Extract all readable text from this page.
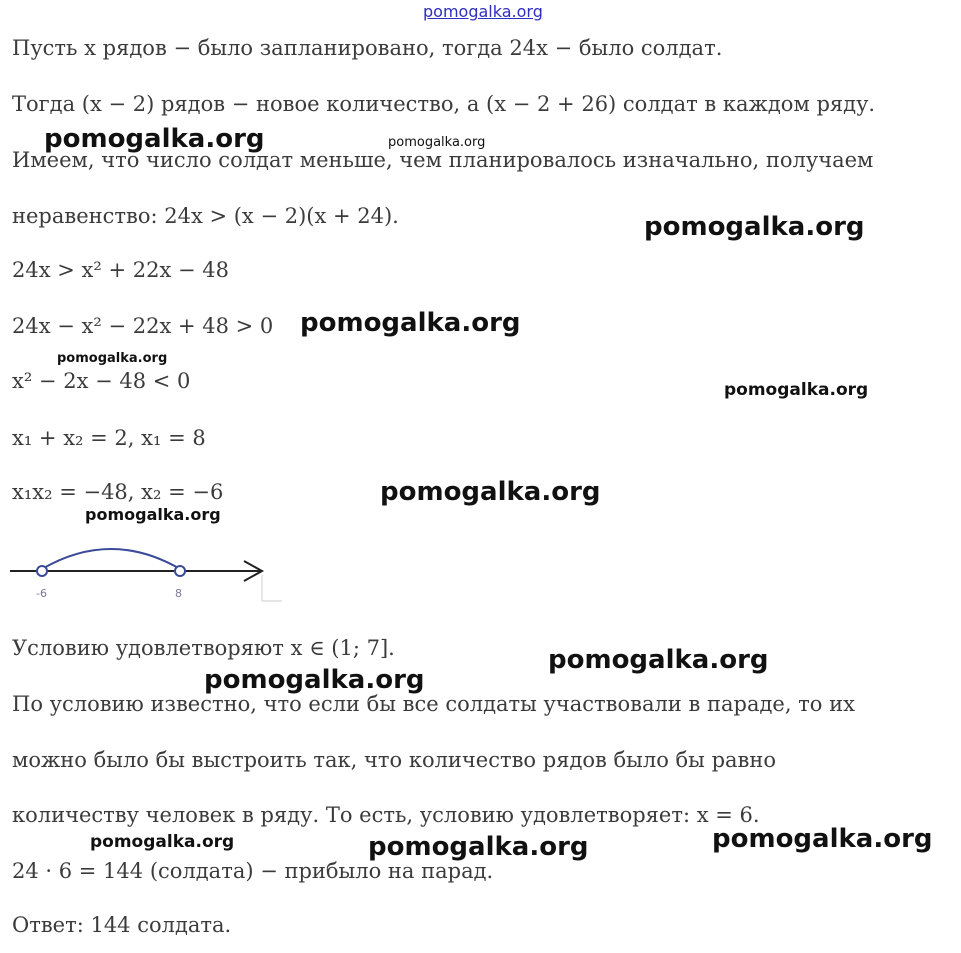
pomogalka.org
Пусть x рядов − было запланировано, тогда 24x − было солдат.
Тогда (x − 2) рядов − новое количество, а (x − 2 + 26) солдат в каждом ряду.
Имеем, что число солдат меньше, чем планировалось изначально, получаем
неравенство: 24x > (x − 2)(x + 24).
24x > x² + 22x − 48
24x − x² − 22x + 48 > 0
x² − 2x − 48 < 0
x₁ + x₂ = 2, x₁ = 8
x₁x₂ = −48, x₂ = −6
-6	8
Условию удовлетворяют x ∈ (1; 7].
По условию известно, что если бы все солдаты участвовали в параде, то их
можно было бы выстроить так, что количество рядов было бы равно
количеству человек в ряду. То есть, условию удовлетворяет: x = 6.
24 · 6 = 144 (солдата) − прибыло на парад.
Ответ: 144 солдата.
pomogalka.org	pomogalka.org
pomogalka.org
pomogalka.org
pomogalka.org
pomogalka.org
pomogalka.org
pomogalka.org
pomogalka.org
pomogalka.org
pomogalka.org	pomogalka.org
pomogalka.org
